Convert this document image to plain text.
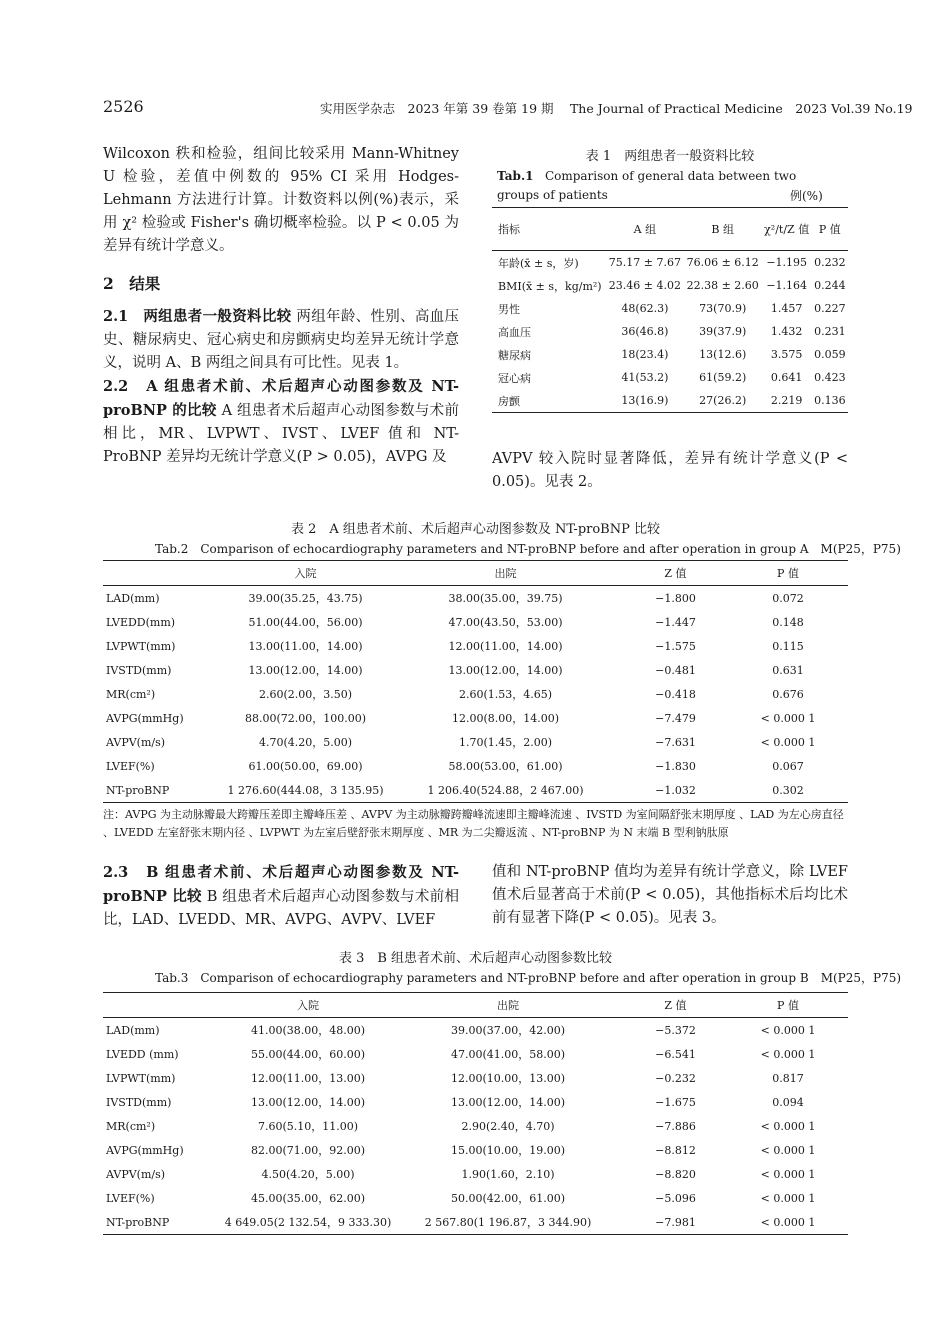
2526	实用医学杂志　2023 年第 39 卷第 19 期　 The Journal of Practical Medicine　2023 Vol.39 No.19

Wilcoxon 秩和检验，组间比较采用 Mann-Whitney U 检验，差值中例数的 95% CI 采用 Hodges-Lehmann 方法进行计算。计数资料以例(%)表示，采用 χ² 检验或 Fisher's 确切概率检验。以 P < 0.05 为差异有统计学意义。

2　结果

2.1　两组患者一般资料比较 两组年龄、性别、高血压史、糖尿病史、冠心病史和房颤病史均差异无统计学意义，说明 A、B 两组之间具有可比性。见表 1。

2.2　A 组患者术前、术后超声心动图参数及 NT-proBNP 的比较 A 组患者术后超声心动图参数与术前相比，MR、LVPWT、IVST、LVEF 值和 NT-ProBNP 差异均无统计学意义(P > 0.05)，AVPG 及

表 1　两组患者一般资料比较
Tab.1 Comparison of general data between two groups of patients	例(%)
指标	A 组	B 组	χ²/t/Z 值	P 值
年龄(x̄ ± s，岁)	75.17 ± 7.67	76.06 ± 6.12	−1.195	0.232
BMI(x̄ ± s，kg/m²)	23.46 ± 4.02	22.38 ± 2.60	−1.164	0.244
男性	48(62.3)	73(70.9)	1.457	0.227
高血压	36(46.8)	39(37.9)	1.432	0.231
糖尿病	18(23.4)	13(12.6)	3.575	0.059
冠心病	41(53.2)	61(59.2)	0.641	0.423
房颤	13(16.9)	27(26.2)	2.219	0.136
AVPV 较入院时显著降低，差异有统计学意义(P < 0.05)。见表 2。
表 2　A 组患者术前、术后超声心动图参数及 NT-proBNP 比较
Tab.2　Comparison of echocardiography parameters and NT-proBNP before and after operation in group A　M(P25，P75)
	入院	出院	Z 值	P 值
LAD(mm)	39.00(35.25，43.75)	38.00(35.00，39.75)	−1.800	0.072
LVEDD(mm)	51.00(44.00，56.00)	47.00(43.50，53.00)	−1.447	0.148
LVPWT(mm)	13.00(11.00，14.00)	12.00(11.00，14.00)	−1.575	0.115
IVSTD(mm)	13.00(12.00，14.00)	13.00(12.00，14.00)	−0.481	0.631
MR(cm²)	2.60(2.00，3.50)	2.60(1.53，4.65)	−0.418	0.676
AVPG(mmHg)	88.00(72.00，100.00)	12.00(8.00，14.00)	−7.479	< 0.000 1
AVPV(m/s)	4.70(4.20，5.00)	1.70(1.45，2.00)	−7.631	< 0.000 1
LVEF(%)	61.00(50.00，69.00)	58.00(53.00，61.00)	−1.830	0.067
NT-proBNP	1 276.60(444.08，3 135.95)	1 206.40(524.88，2 467.00)	−1.032	0.302
注：AVPG 为主动脉瓣最大跨瓣压差即主瓣峰压差 、AVPV 为主动脉瓣跨瓣峰流速即主瓣峰流速 、IVSTD 为室间隔舒张末期厚度 、LAD 为左心房直径 、LVEDD 左室舒张末期内径 、LVPWT 为左室后壁舒张末期厚度 、MR 为二尖瓣返流 、NT-proBNP 为 N 末端 B 型利钠肽原
2.3　B 组患者术前、术后超声心动图参数及 NT-proBNP 比较 B 组患者术后超声心动图参数与术前相比，LAD、LVEDD、MR、AVPG、AVPV、LVEF
值和 NT-proBNP 值均为差异有统计学意义，除 LVEF 值术后显著高于术前(P < 0.05)，其他指标术后均比术前有显著下降(P < 0.05)。见表 3。
表 3　B 组患者术前、术后超声心动图参数比较
Tab.3　Comparison of echocardiography parameters and NT-proBNP before and after operation in group B　M(P25，P75)
	入院	出院	Z 值	P 值
LAD(mm)	41.00(38.00，48.00)	39.00(37.00，42.00)	−5.372	< 0.000 1
LVEDD (mm)	55.00(44.00，60.00)	47.00(41.00，58.00)	−6.541	< 0.000 1
LVPWT(mm)	12.00(11.00，13.00)	12.00(10.00，13.00)	−0.232	0.817
IVSTD(mm)	13.00(12.00，14.00)	13.00(12.00，14.00)	−1.675	0.094
MR(cm²)	7.60(5.10，11.00)	2.90(2.40，4.70)	−7.886	< 0.000 1
AVPG(mmHg)	82.00(71.00，92.00)	15.00(10.00，19.00)	−8.812	< 0.000 1
AVPV(m/s)	4.50(4.20，5.00)	1.90(1.60，2.10)	−8.820	< 0.000 1
LVEF(%)	45.00(35.00，62.00)	50.00(42.00，61.00)	−5.096	< 0.000 1
NT-proBNP	4 649.05(2 132.54，9 333.30)	2 567.80(1 196.87，3 344.90)	−7.981	< 0.000 1
